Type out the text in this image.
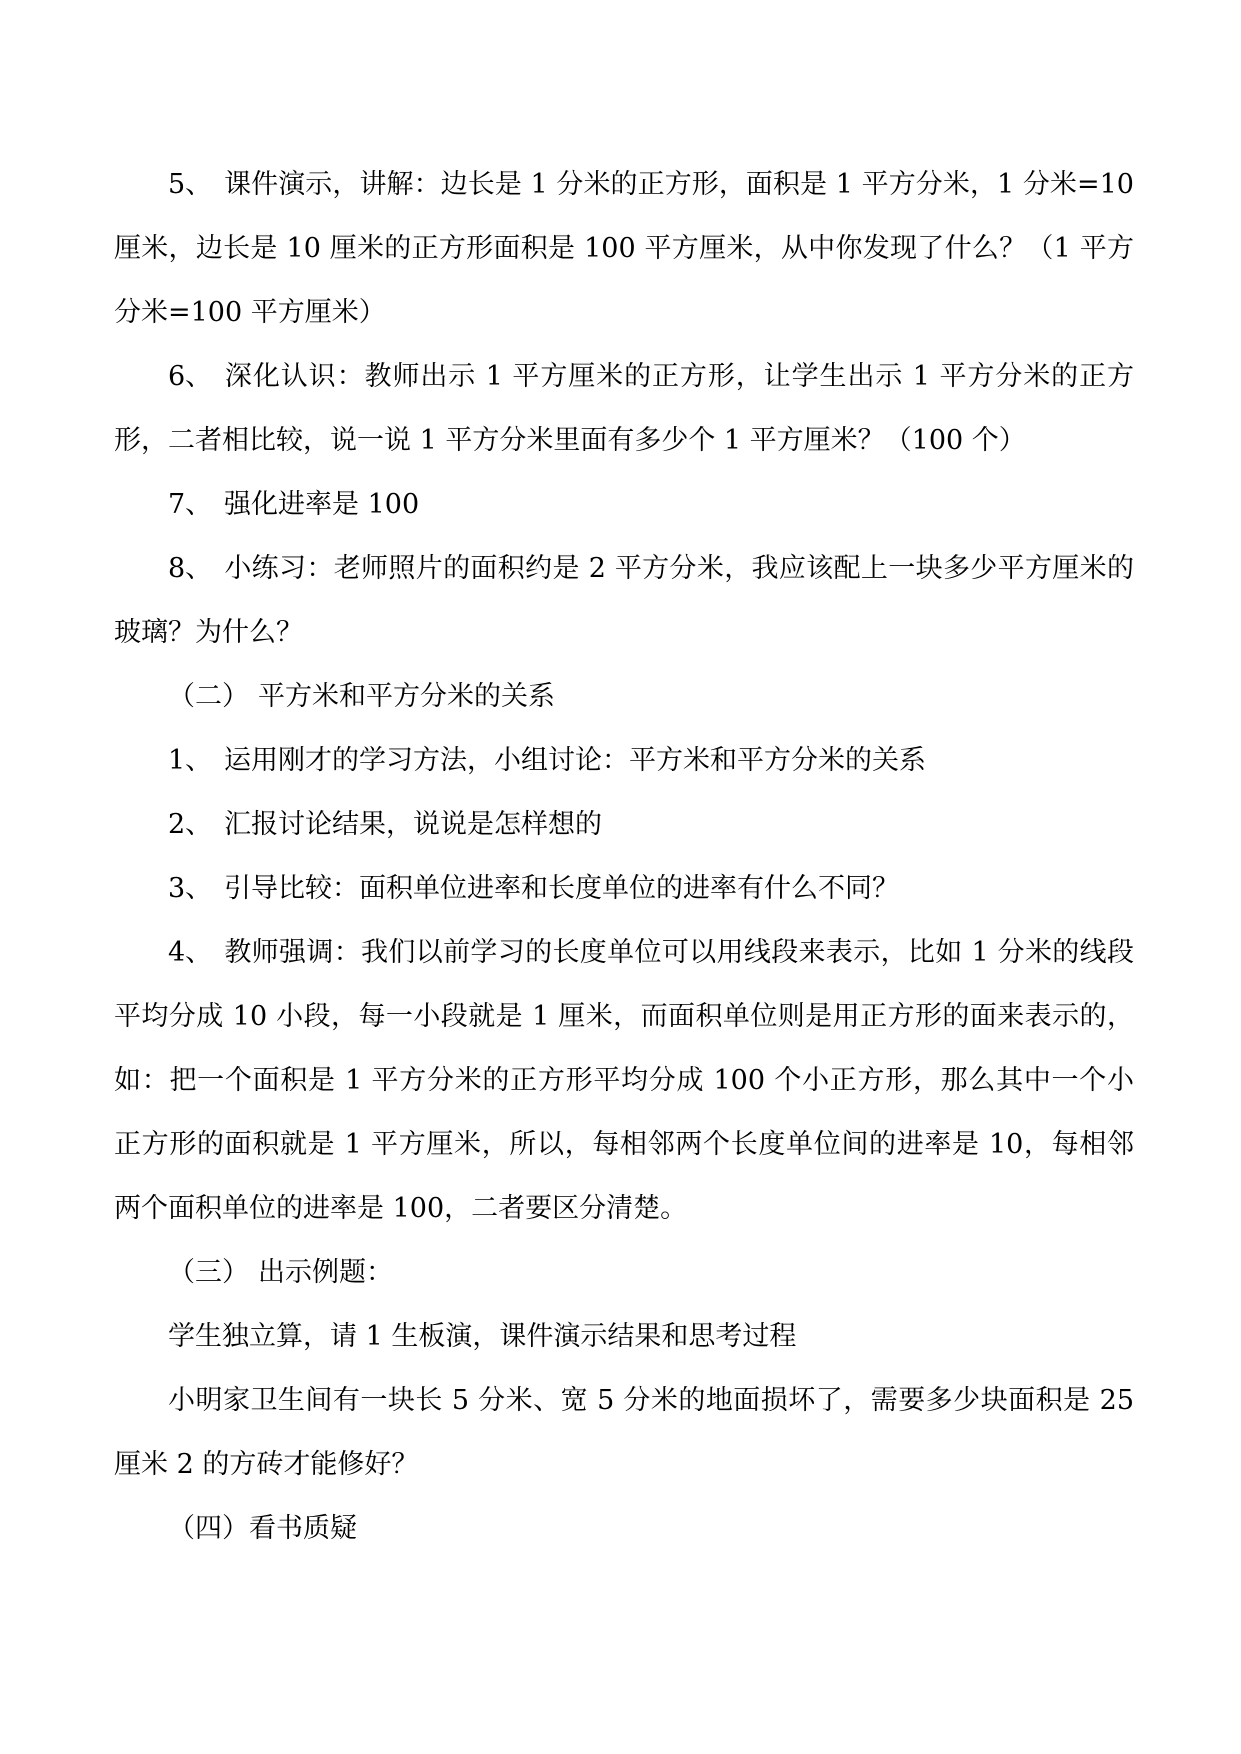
5、 课件演示，讲解：边长是 1 分米的正方形，面积是 1 平方分米，1 分米=10 厘米，边长是 10 厘米的正方形面积是 100 平方厘米，从中你发现了什么？（1 平方分米=100 平方厘米）

6、 深化认识：教师出示 1 平方厘米的正方形，让学生出示 1 平方分米的正方形，二者相比较，说一说 1 平方分米里面有多少个 1 平方厘米？（100 个）

7、 强化进率是 100

8、 小练习：老师照片的面积约是 2 平方分米，我应该配上一块多少平方厘米的玻璃？为什么？

（二） 平方米和平方分米的关系

1、 运用刚才的学习方法，小组讨论：平方米和平方分米的关系

2、 汇报讨论结果，说说是怎样想的

3、 引导比较：面积单位进率和长度单位的进率有什么不同？

4、 教师强调：我们以前学习的长度单位可以用线段来表示，比如 1 分米的线段平均分成 10 小段，每一小段就是 1 厘米，而面积单位则是用正方形的面来表示的，如：把一个面积是 1 平方分米的正方形平均分成 100 个小正方形，那么其中一个小正方形的面积就是 1 平方厘米，所以，每相邻两个长度单位间的进率是 10，每相邻两个面积单位的进率是 100，二者要区分清楚。

（三） 出示例题：

学生独立算，请 1 生板演，课件演示结果和思考过程

小明家卫生间有一块长 5 分米、宽 5 分米的地面损坏了，需要多少块面积是 25 厘米 2 的方砖才能修好？

（四）看书质疑
